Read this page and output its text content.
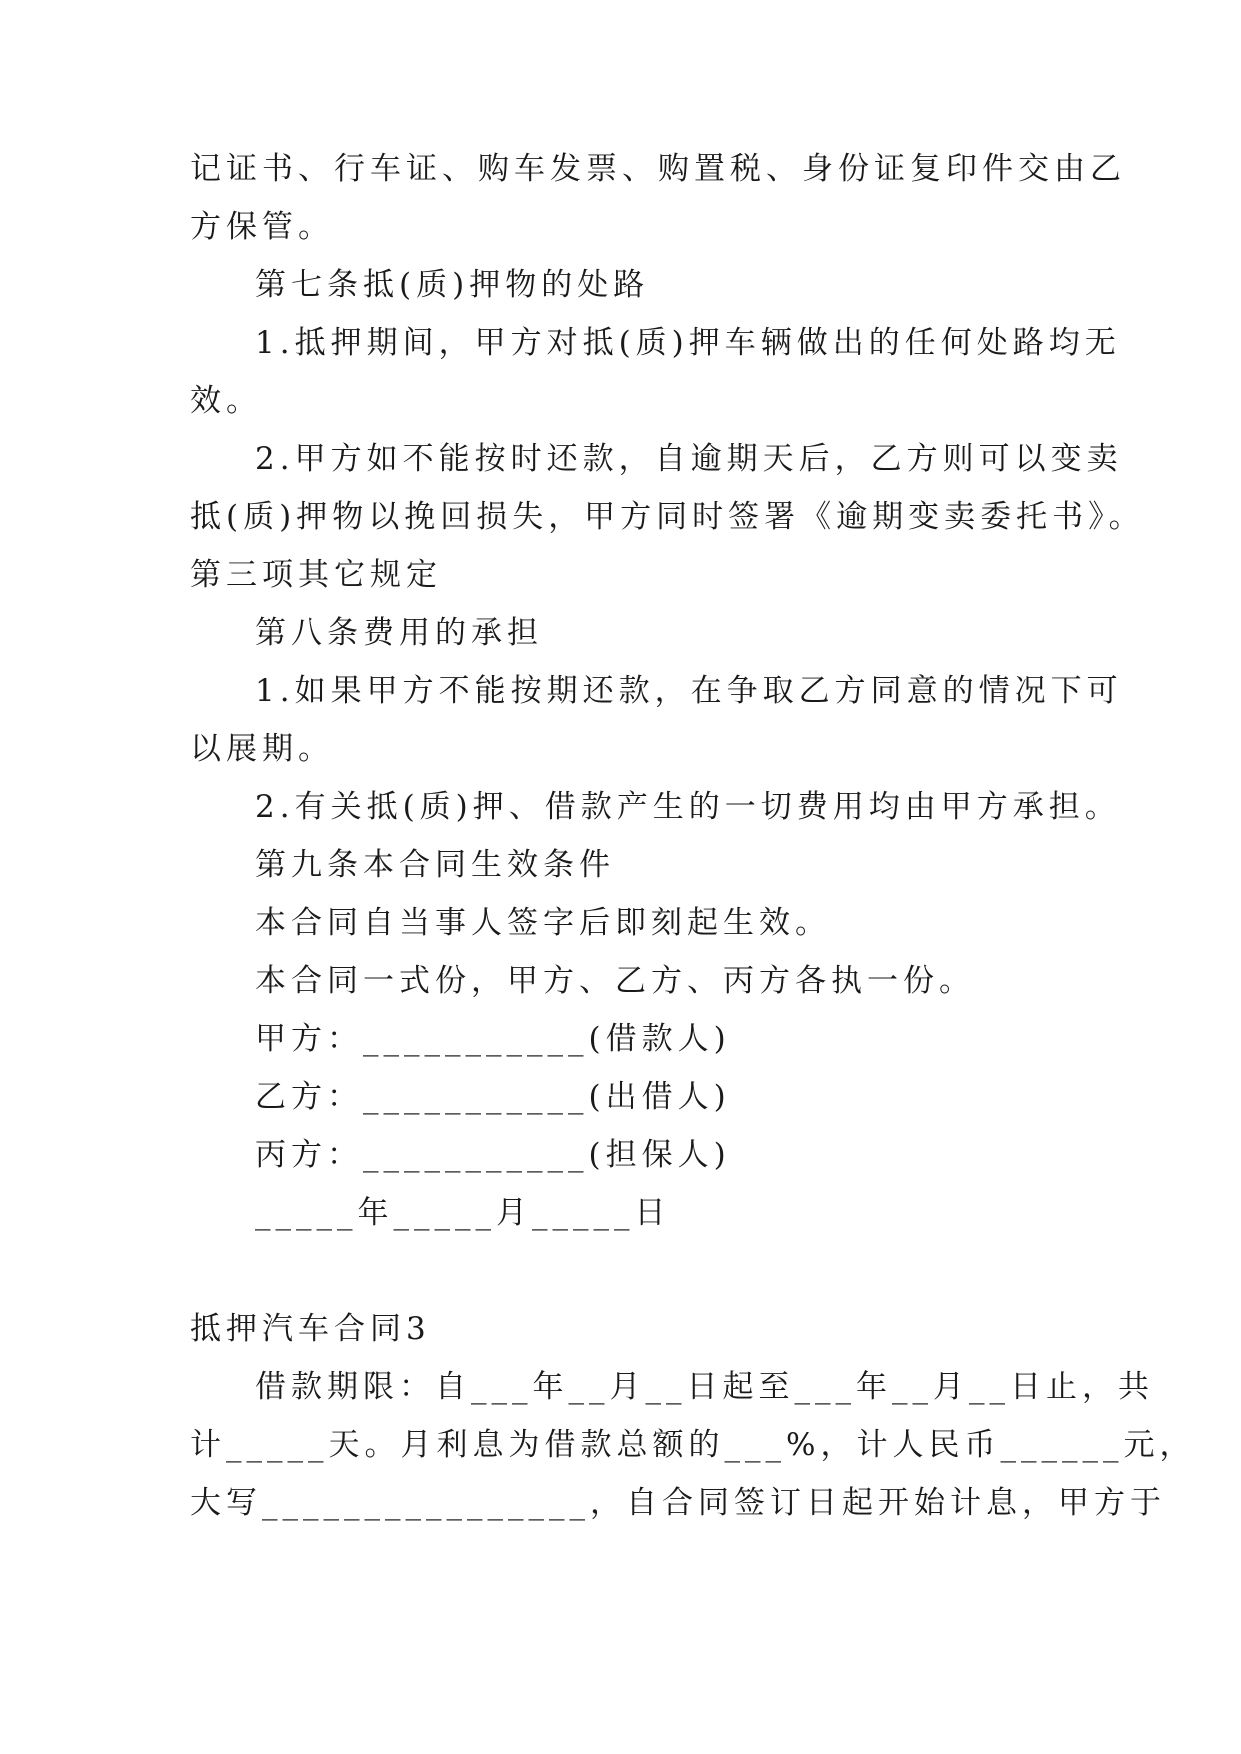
记证书、行车证、购车发票、购置税、身份证复印件交由乙
方保管。
第七条抵(质)押物的处路
1.抵押期间，甲方对抵(质)押车辆做出的任何处路均无
效。
2.甲方如不能按时还款，自逾期天后，乙方则可以变卖
抵(质)押物以挽回损失，甲方同时签署《逾期变卖委托书》。
第三项其它规定
第八条费用的承担
1.如果甲方不能按期还款，在争取乙方同意的情况下可
以展期。
2.有关抵(质)押、借款产生的一切费用均由甲方承担。
第九条本合同生效条件
本合同自当事人签字后即刻起生效。
本合同一式份，甲方、乙方、丙方各执一份。
甲方：___________(借款人)
乙方：___________(出借人)
丙方：___________(担保人)
_____年_____月_____日
抵押汽车合同3
借款期限：自___年__月__日起至___年__月__日止，共
计_____天。月利息为借款总额的___%，计人民币______元，
大写________________，自合同签订日起开始计息，甲方于
